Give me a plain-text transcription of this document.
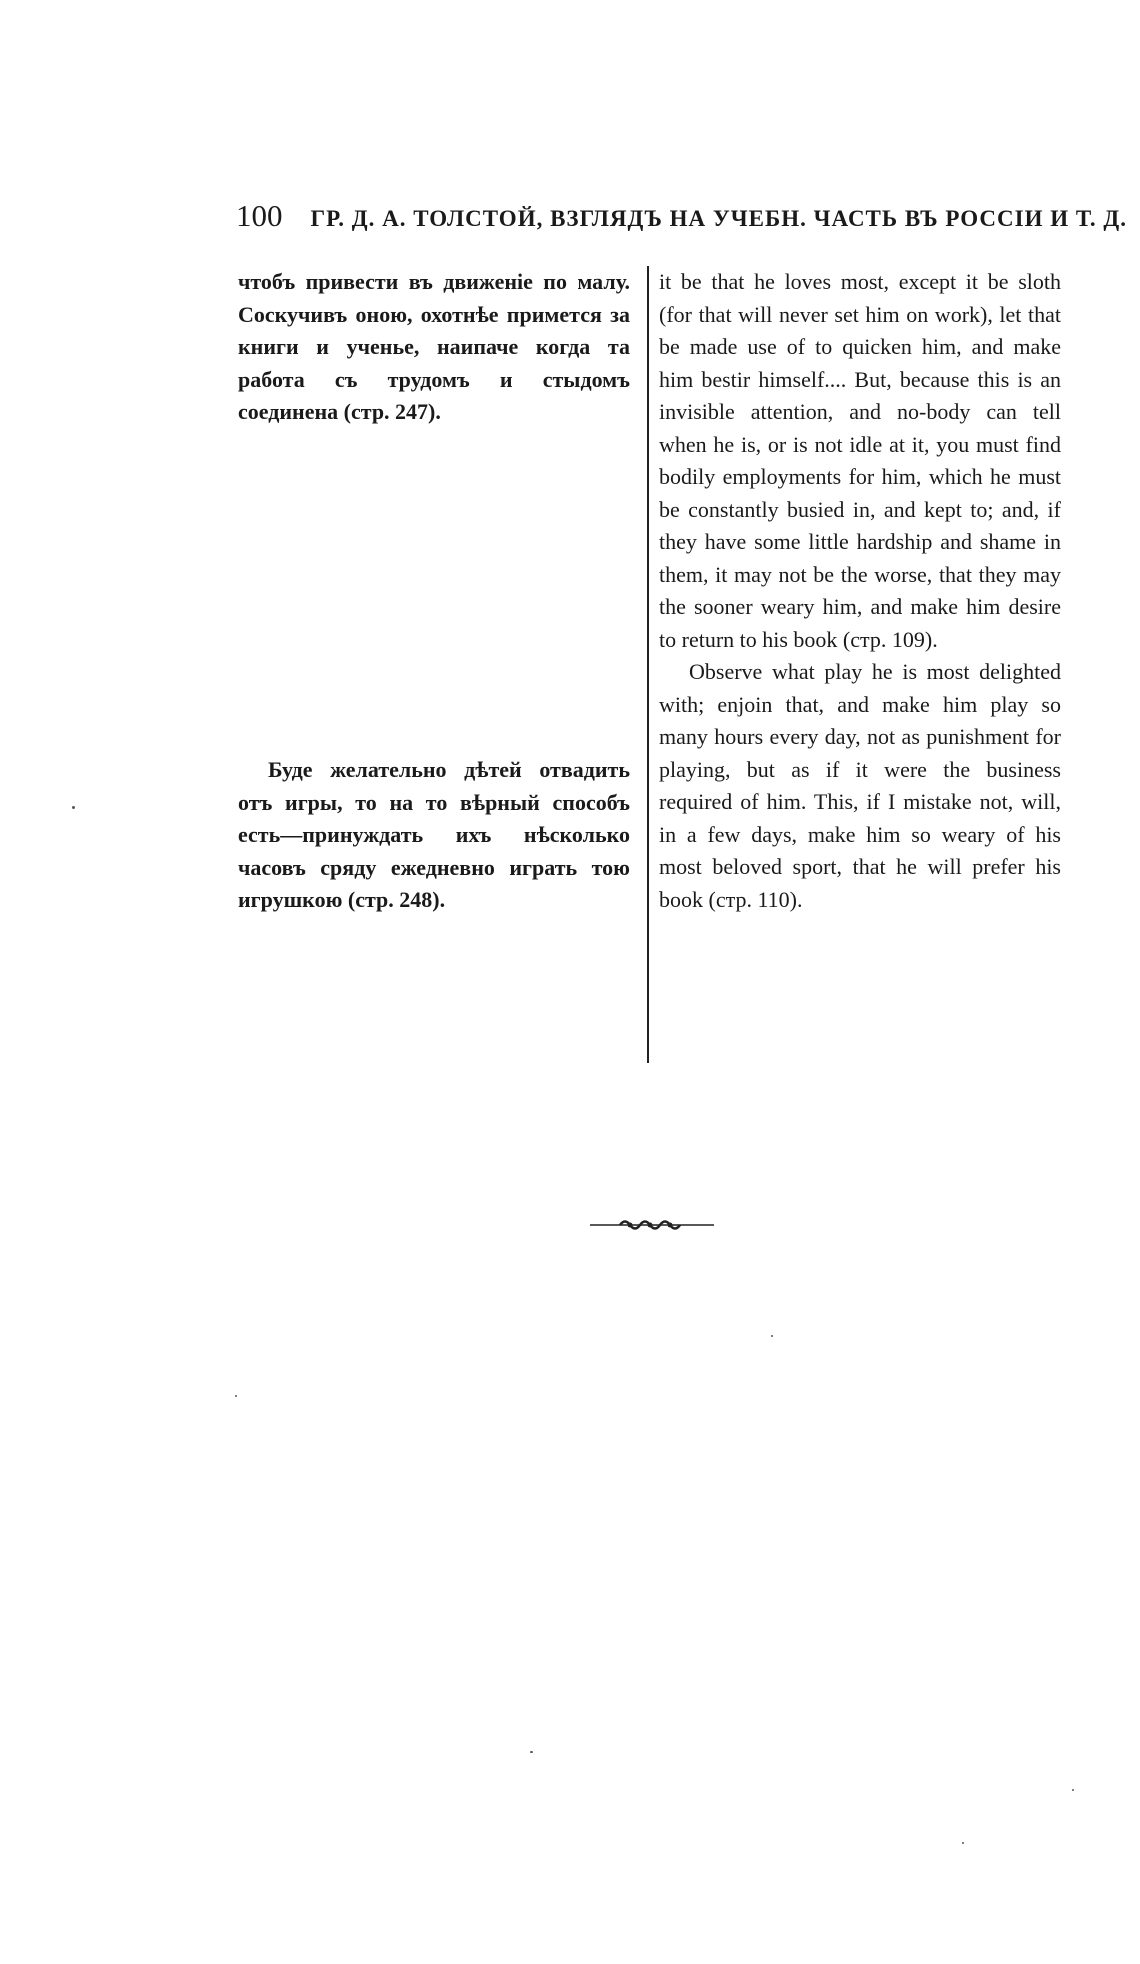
100 ГР. Д. А. ТОЛСТОЙ, ВЗГЛЯДЪ НА УЧЕБН. ЧАСТЬ ВЪ РОССІИ И Т. Д.

чтобъ привести въ движеніе по малу. Соскучивъ оною, охотнѣе примется за книги и ученье, наипаче когда та работа съ трудомъ и стыдомъ соединена (стр. 247).

Буде желательно дѣтей отвадить отъ игры, то на то вѣрный способъ есть—принуждать ихъ нѣсколько часовъ сряду ежедневно играть тою игрушкою (стр. 248).

it be that he loves most, except it be sloth (for that will never set him on work), let that be made use of to quicken him, and make him bestir himself.... But, because this is an invisible attention, and no-body can tell when he is, or is not idle at it, you must find bodily employments for him, which he must be constantly busied in, and kept to; and, if they have some little hardship and shame in them, it may not be the worse, that they may the sooner weary him, and make him desire to return to his book (стр. 109).

Observe what play he is most delighted with; enjoin that, and make him play so many hours every day, not as punishment for playing, but as if it were the business required of him. This, if I mistake not, will, in a few days, make him so weary of his most beloved sport, that he will prefer his book (стр. 110).
